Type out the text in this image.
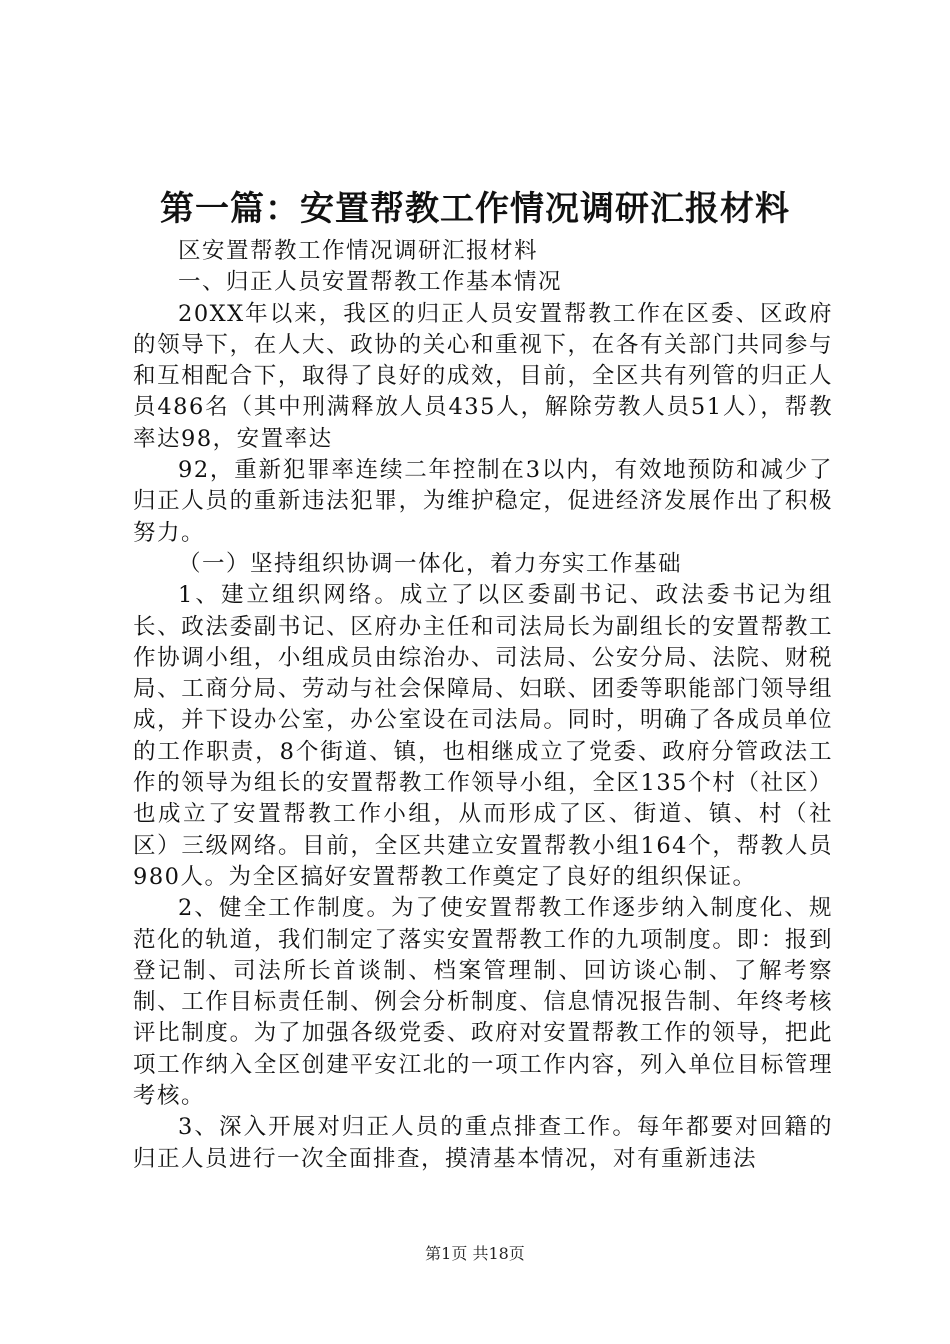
第一篇：安置帮教工作情况调研汇报材料

区安置帮教工作情况调研汇报材料

一、归正人员安置帮教工作基本情况

20XX年以来，我区的归正人员安置帮教工作在区委、区政府的领导下，在人大、政协的关心和重视下，在各有关部门共同参与和互相配合下，取得了良好的成效，目前，全区共有列管的归正人员486名（其中刑满释放人员435人，解除劳教人员51人），帮教率达98，安置率达

92，重新犯罪率连续二年控制在3以内，有效地预防和减少了归正人员的重新违法犯罪，为维护稳定，促进经济发展作出了积极努力。

（一）坚持组织协调一体化，着力夯实工作基础

1、建立组织网络。成立了以区委副书记、政法委书记为组长、政法委副书记、区府办主任和司法局长为副组长的安置帮教工作协调小组，小组成员由综治办、司法局、公安分局、法院、财税局、工商分局、劳动与社会保障局、妇联、团委等职能部门领导组成，并下设办公室，办公室设在司法局。同时，明确了各成员单位的工作职责，8个街道、镇，也相继成立了党委、政府分管政法工作的领导为组长的安置帮教工作领导小组，全区135个村（社区）也成立了安置帮教工作小组，从而形成了区、街道、镇、村（社区）三级网络。目前，全区共建立安置帮教小组164个，帮教人员980人。为全区搞好安置帮教工作奠定了良好的组织保证。

2、健全工作制度。为了使安置帮教工作逐步纳入制度化、规范化的轨道，我们制定了落实安置帮教工作的九项制度。即：报到登记制、司法所长首谈制、档案管理制、回访谈心制、了解考察制、工作目标责任制、例会分析制度、信息情况报告制、年终考核评比制度。为了加强各级党委、政府对安置帮教工作的领导，把此项工作纳入全区创建平安江北的一项工作内容，列入单位目标管理考核。

3、深入开展对归正人员的重点排查工作。每年都要对回籍的归正人员进行一次全面排查，摸清基本情况，对有重新违法

第1页 共18页
